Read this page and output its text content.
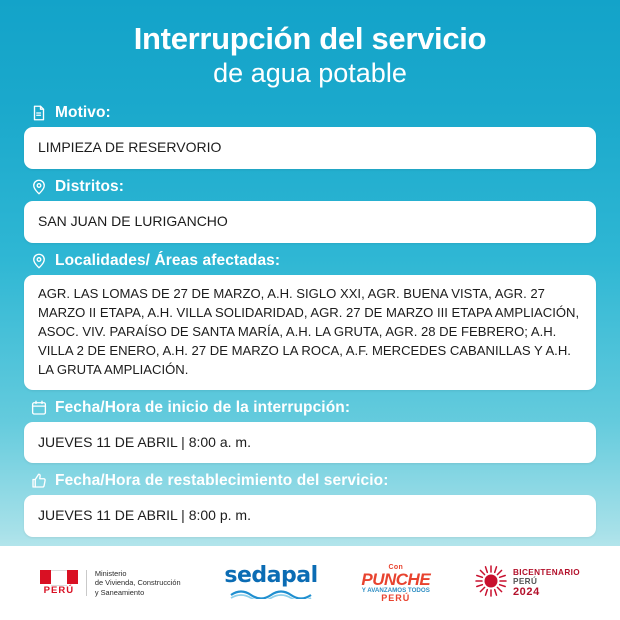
Interrupción del servicio
de agua potable
Motivo:
LIMPIEZA DE RESERVORIO
Distritos:
SAN JUAN DE LURIGANCHO
Localidades/ Áreas afectadas:
AGR. LAS LOMAS DE 27 DE MARZO, A.H. SIGLO XXI, AGR. BUENA VISTA, AGR. 27 MARZO II ETAPA, A.H. VILLA SOLIDARIDAD, AGR. 27 DE MARZO III ETAPA AMPLIACIÓN, ASOC. VIV. PARAÍSO DE SANTA MARÍA, A.H. LA GRUTA, AGR. 28 DE FEBRERO; A.H. VILLA 2 DE ENERO, A.H. 27 DE MARZO LA ROCA, A.F. MERCEDES CABANILLAS Y A.H. LA GRUTA AMPLIACIÓN.
Fecha/Hora de inicio de la interrupción:
JUEVES 11 DE ABRIL | 8:00 a. m.
Fecha/Hora de restablecimiento del servicio:
JUEVES 11 DE ABRIL | 8:00 p. m.
PERÚ
Ministerio
de Vivienda, Construcción
y Saneamiento
sedapal	Con
PUNCHE
Y AVANZAMOS TODOS
PERÚ
BICENTENARIO
PERÚ
2024
